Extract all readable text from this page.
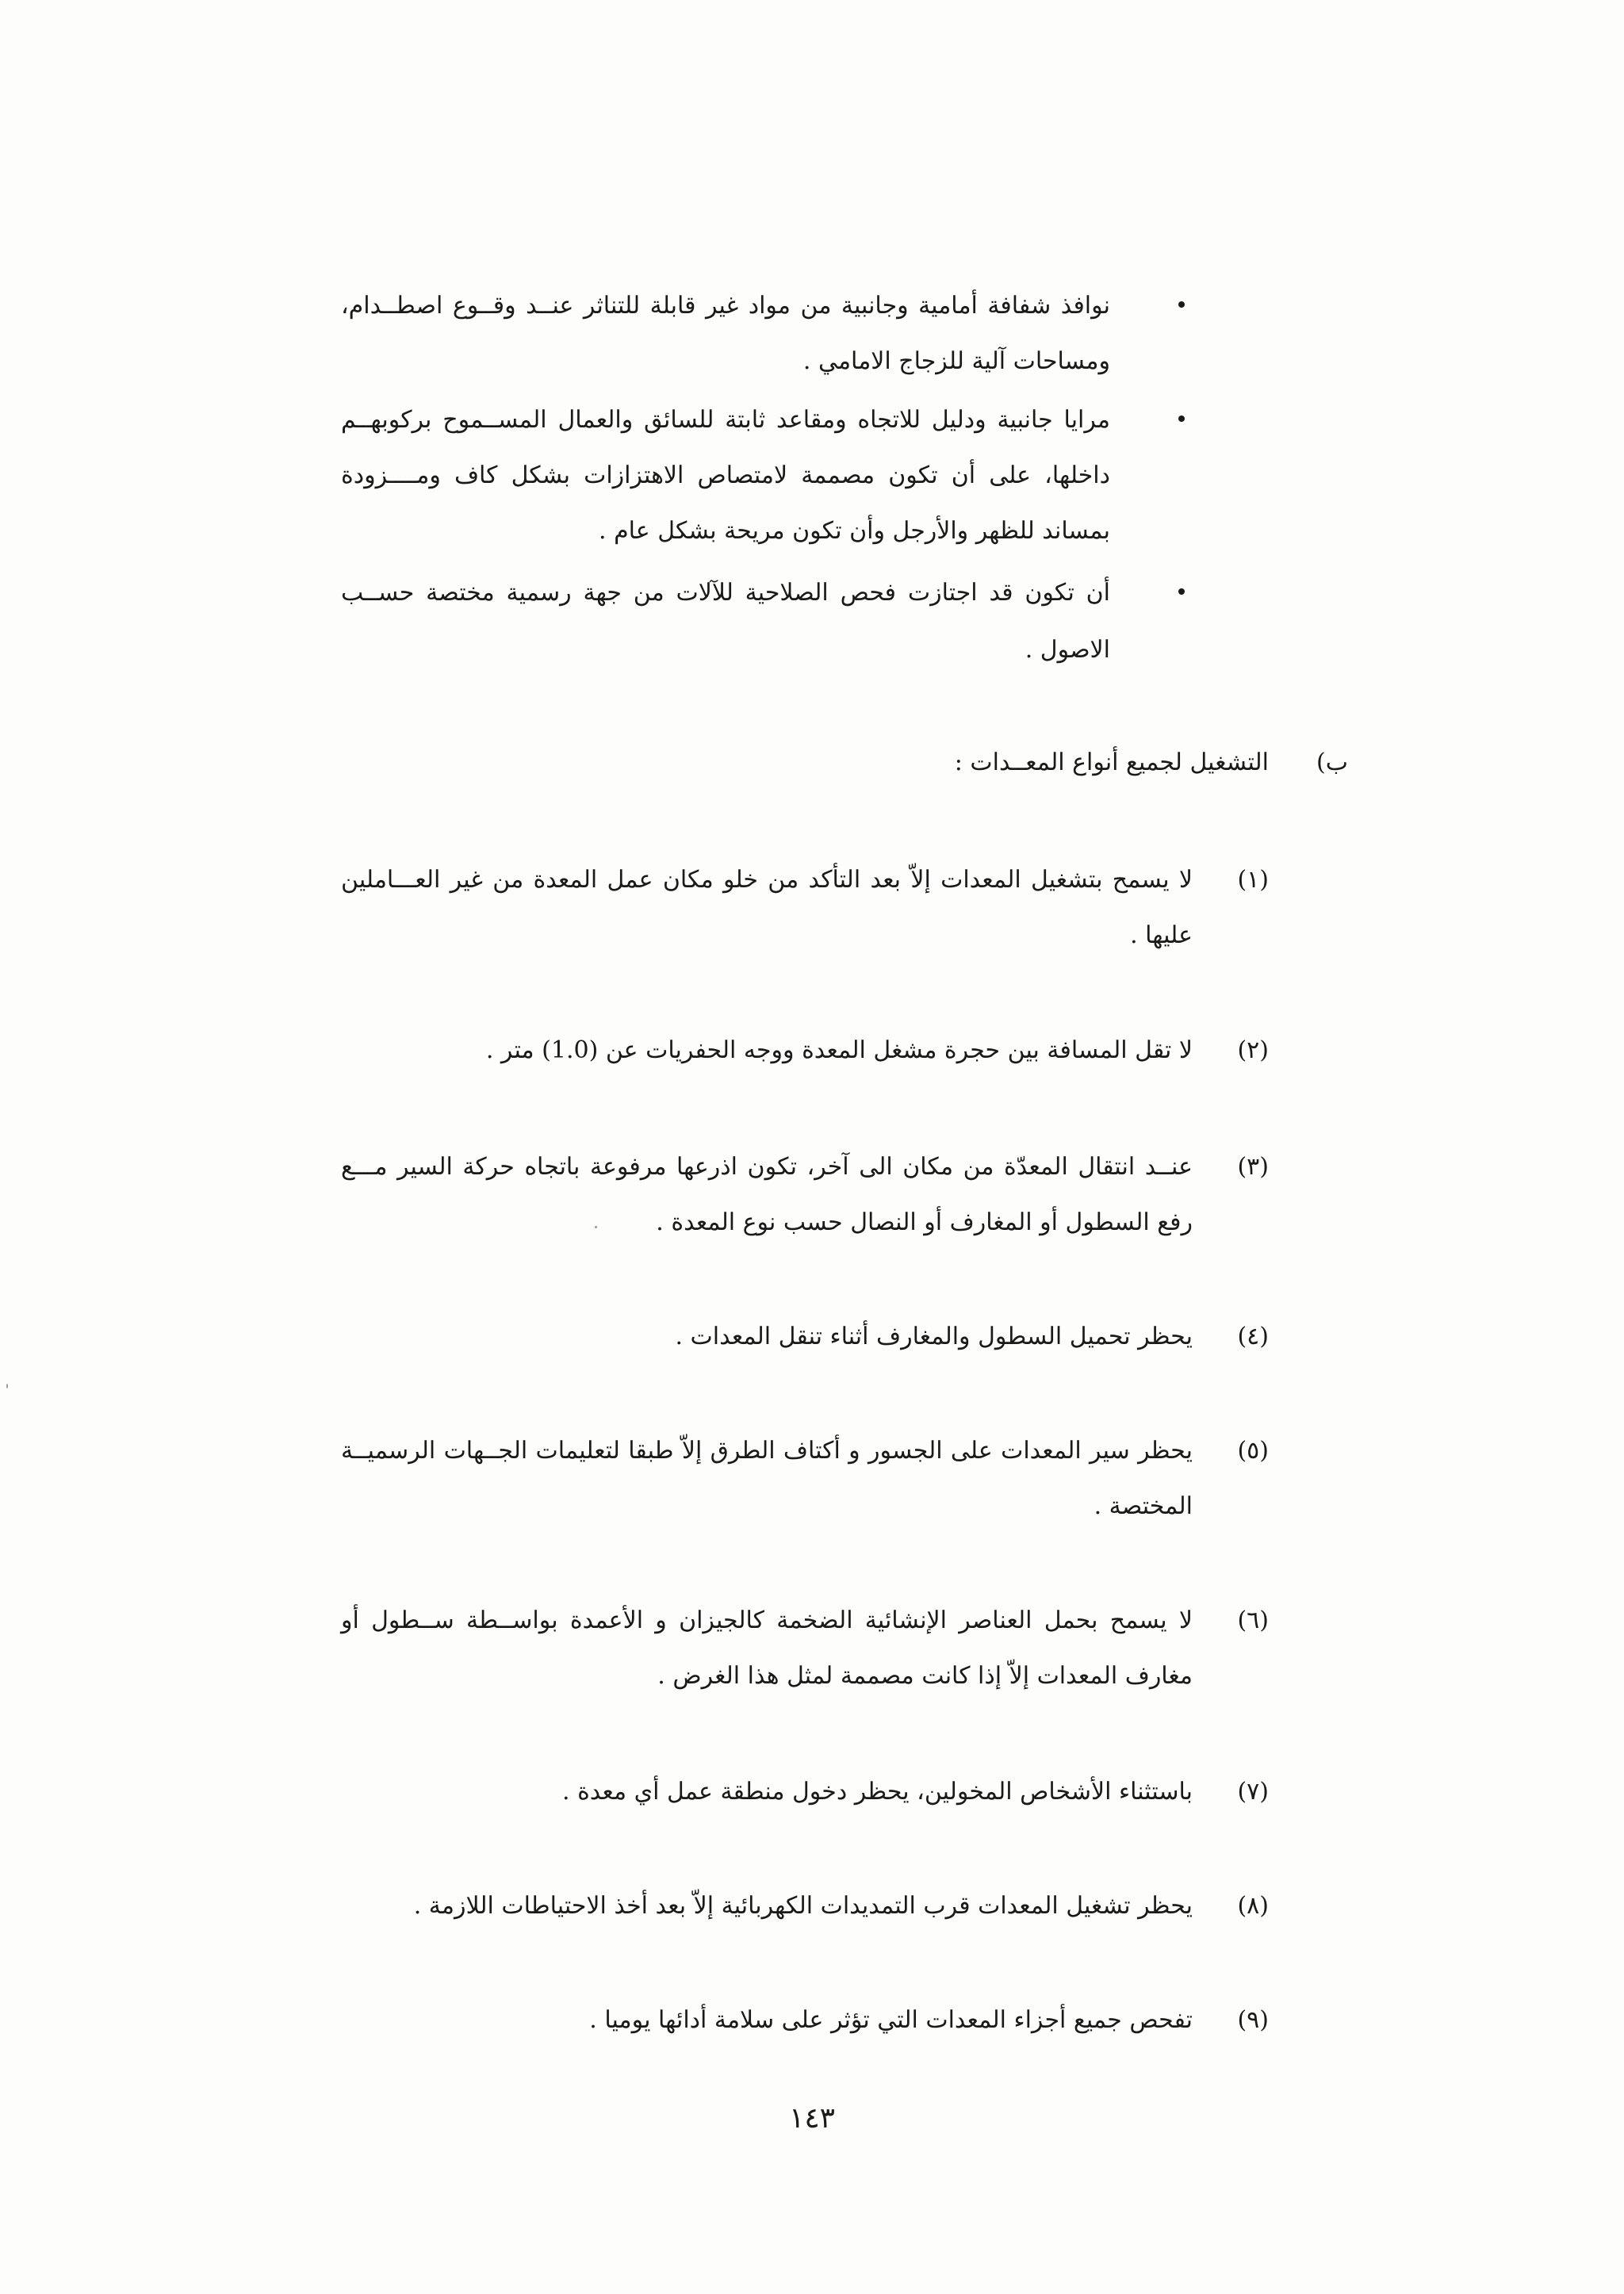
نوافذ شفافة أمامية وجانبية من مواد غير قابلة للتناثر عنــد وقــوع اصطــدام،
ومساحات آلية للزجاج الامامي .
مرايا جانبية ودليل للاتجاه ومقاعد ثابتة للسائق والعمال المســموح بركوبهــم
داخلها، على أن تكون مصممة لامتصاص الاهتزازات بشكل كاف ومــــزودة
بمساند للظهر والأرجل وأن تكون مريحة بشكل عام .
أن تكون قد اجتازت فحص الصلاحية للآلات من جهة رسمية مختصة حســب
الاصول .
ب)
التشغيل لجميع أنواع المعــدات :
(١)
لا يسمح بتشغيل المعدات إلاّ بعد التأكد من خلو مكان عمل المعدة من غير العـــاملين
عليها .
(٢)
لا تقل المسافة بين حجرة مشغل المعدة ووجه الحفريات عن (1.0) متر .
(٣)
عنــد انتقال المعدّة من مكان الى آخر، تكون اذرعها مرفوعة باتجاه حركة السير مـــع
رفع السطول أو المغارف أو النصال حسب نوع المعدة .
(٤)
يحظر تحميل السطول والمغارف أثناء تنقل المعدات .
(٥)
يحظر سير المعدات على الجسور و أكتاف الطرق إلاّ طبقا لتعليمات الجــهات الرسميــة
المختصة .
(٦)
لا يسمح بحمل العناصر الإنشائية الضخمة كالجيزان و الأعمدة بواســطة ســطول أو
مغارف المعدات إلاّ إذا كانت مصممة لمثل هذا الغرض .
(٧)
باستثناء الأشخاص المخولين، يحظر دخول منطقة عمل أي معدة .
(٨)
يحظر تشغيل المعدات قرب التمديدات الكهربائية إلاّ بعد أخذ الاحتياطات اللازمة .
(٩)
تفحص جميع أجزاء المعدات التي تؤثر على سلامة أدائها يوميا .
١٤٣
